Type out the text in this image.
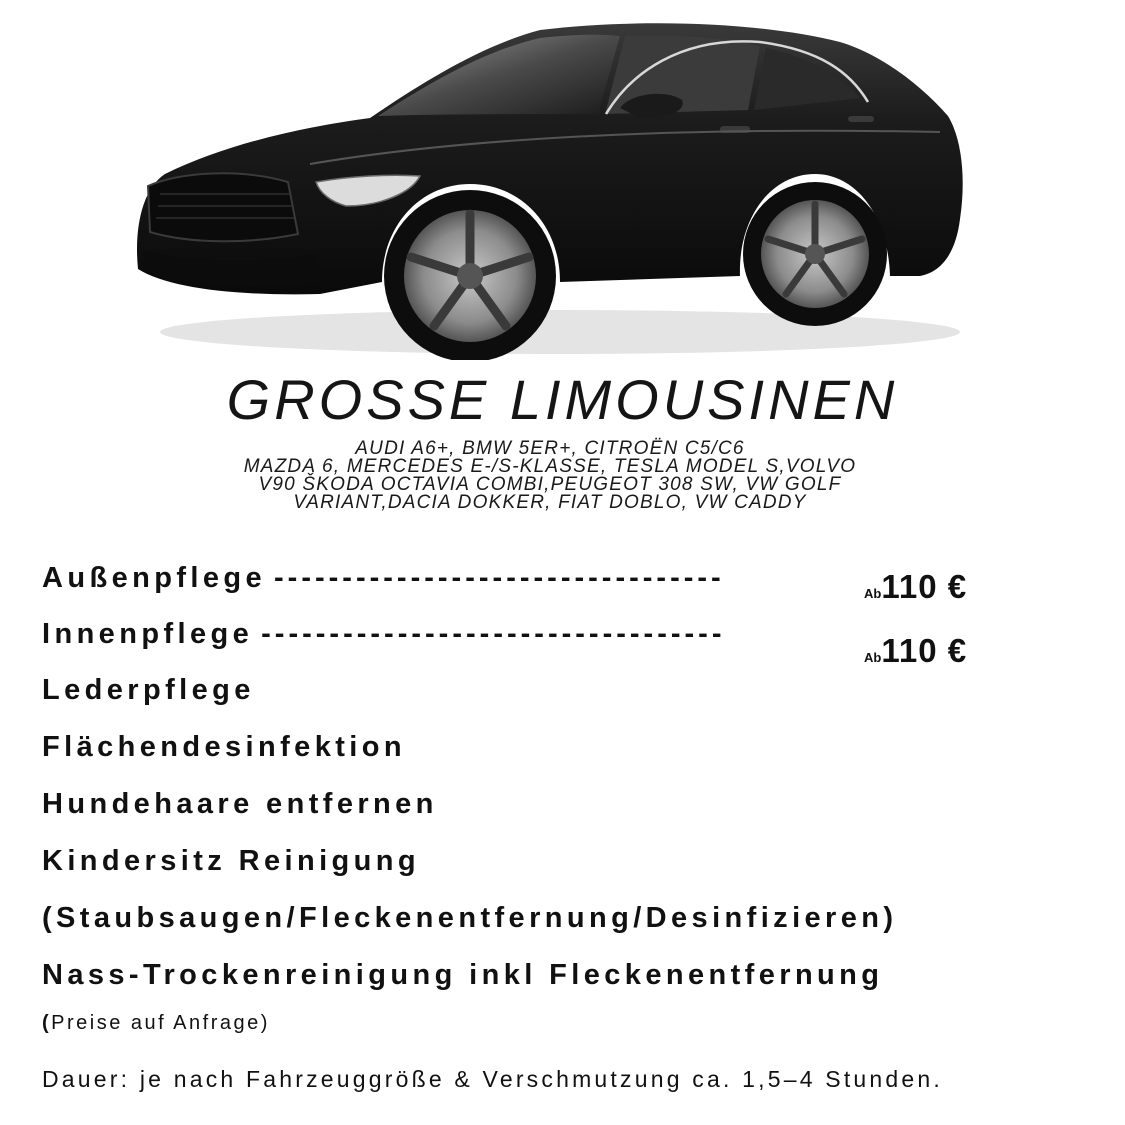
GROSSE LIMOUSINEN
AUDI A6+, BMW 5ER+, CITROËN C5/C6
MAZDA 6, MERCEDES E-/S-KLASSE, TESLA MODEL S,VOLVO
V90 ŠKODA OCTAVIA COMBI,PEUGEOT 308 SW, VW GOLF
VARIANT,DACIA DOKKER, FIAT DOBLO, VW CADDY
Außenpflege ---------------------------------	Ab110 €
Innenpflege ----------------------------------
Ab110 €
Lederpflege
Flächendesinfektion
Hundehaare entfernen
Kindersitz Reinigung
(Staubsaugen/Fleckenentfernung/Desinfizieren)
Nass-Trockenreinigung inkl Fleckenentfernung
(Preise auf Anfrage)
Dauer: je nach Fahrzeuggröße & Verschmutzung ca. 1,5–4 Stunden.
